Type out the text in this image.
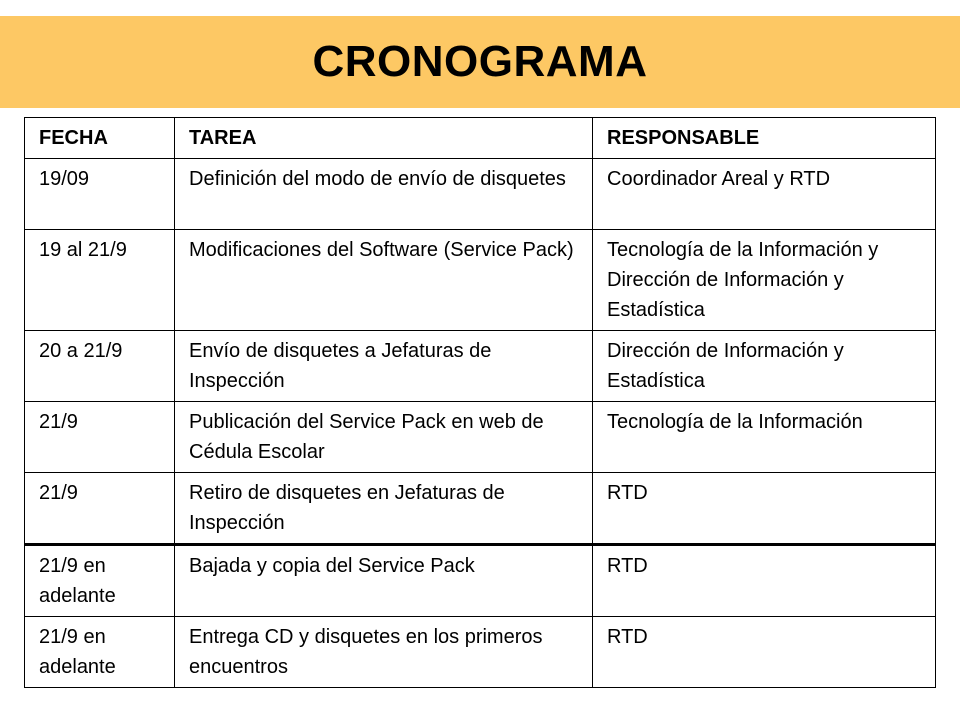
CRONOGRAMA
FECHA	TAREA	RESPONSABLE
19/09	Definición del modo de envío de disquetes	Coordinador Areal y RTD
19 al 21/9	Modificaciones del Software (Service Pack)	Tecnología de la Información y Dirección de Información y Estadística
20 a 21/9	Envío de disquetes a Jefaturas de Inspección	Dirección de Información y Estadística
21/9	Publicación del Service Pack en web de Cédula Escolar	Tecnología de la Información
21/9	Retiro de disquetes en Jefaturas de Inspección	RTD
21/9 en adelante	Bajada y copia del Service Pack	RTD
21/9 en adelante	Entrega CD y disquetes en los primeros encuentros	RTD
